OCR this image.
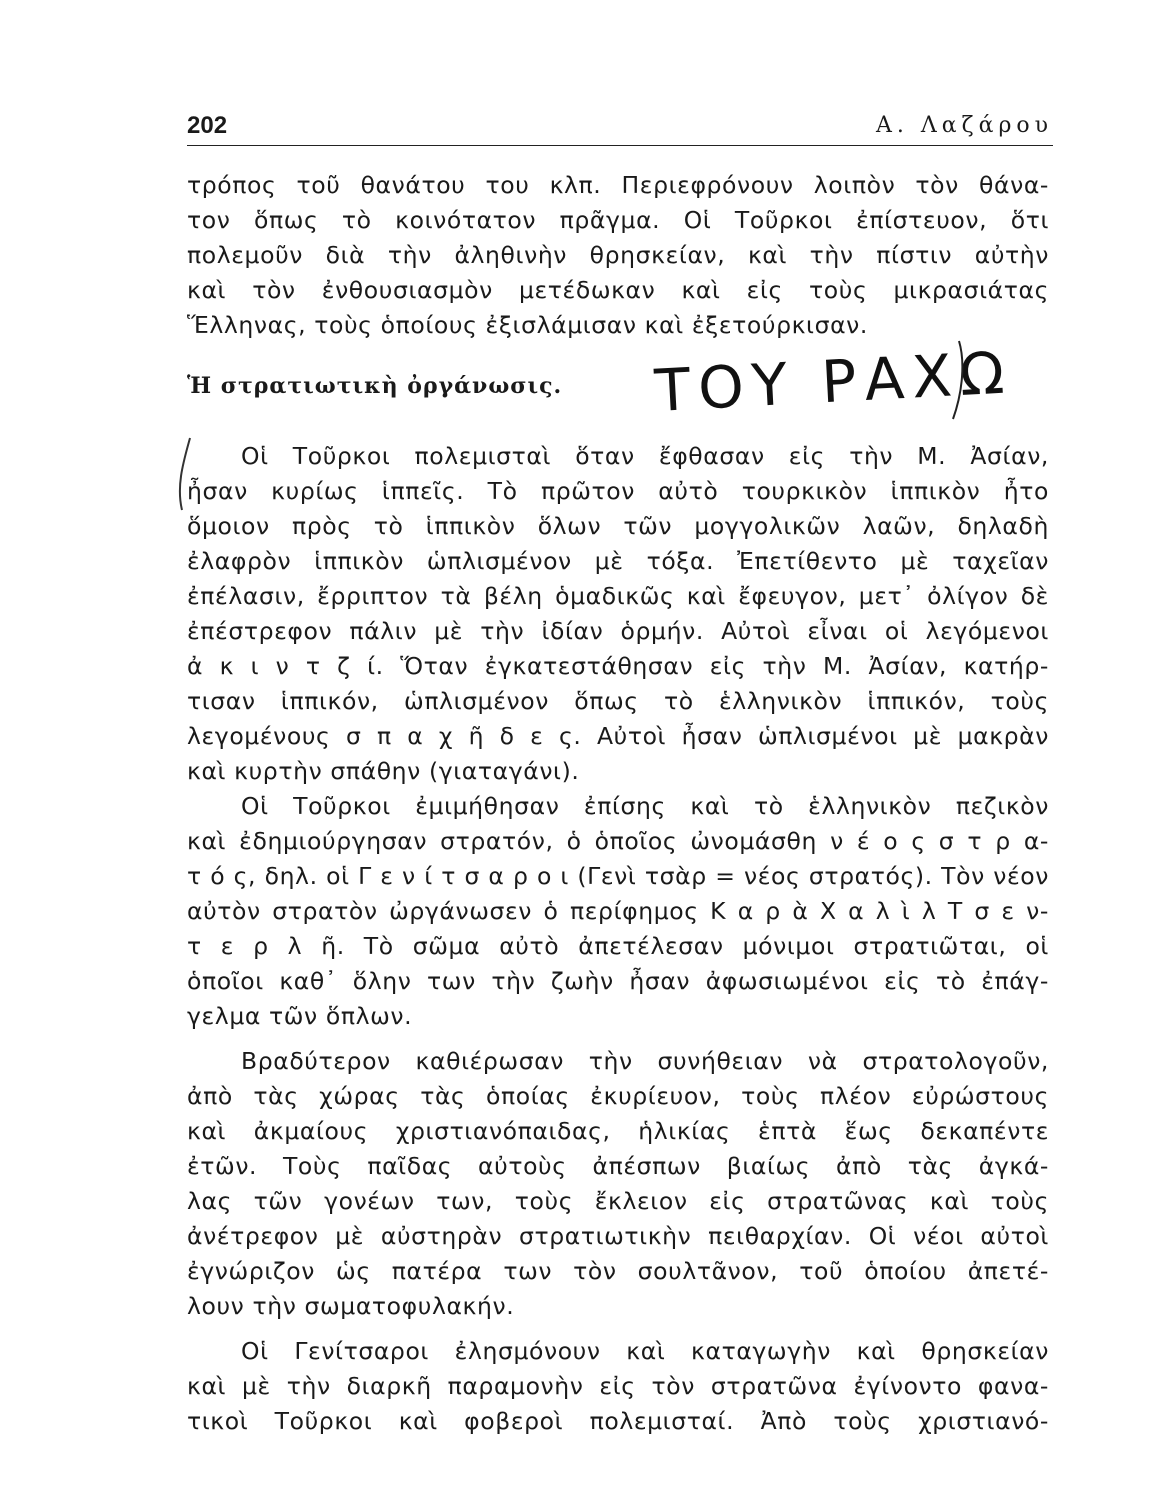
202	Α. Λαζάρου
τρόπος τοῦ θανάτου του κλπ. Περιεφρόνουν λοιπὸν τὸν θάνα-
τον ὅπως τὸ κοινότατον πρᾶγμα. Οἱ Τοῦρκοι ἐπίστευον, ὅτι
πολεμοῦν διὰ τὴν ἀληθινὴν θρησκείαν, καὶ τὴν πίστιν αὐτὴν
καὶ τὸν ἐνθουσιασμὸν μετέδωκαν καὶ εἰς τοὺς μικρασιάτας
Ἕλληνας, τοὺς ὁποίους ἐξισλάμισαν καὶ ἐξετούρκισαν.
Ἡ στρατιωτικὴ ὀργάνωσις. ΤΟΥ ΡΑΧΩ
Οἱ Τοῦρκοι πολεμισταὶ ὅταν ἔφθασαν εἰς τὴν Μ. Ἀσίαν,
ἦσαν κυρίως ἱππεῖς. Τὸ πρῶτον αὐτὸ τουρκικὸν ἱππικὸν ἦτο
ὅμοιον πρὸς τὸ ἱππικὸν ὅλων τῶν μογγολικῶν λαῶν, δηλαδὴ
ἐλαφρὸν ἱππικὸν ὡπλισμένον μὲ τόξα. Ἐπετίθεντο μὲ ταχεῖαν
ἐπέλασιν, ἔρριπτον τὰ βέλη ὁμαδικῶς καὶ ἔφευγον, μετ᾽ ὀλίγον δὲ
ἐπέστρεφον πάλιν μὲ τὴν ἰδίαν ὁρμήν. Αὐτοὶ εἶναι οἱ λεγόμενοι
ἀ κ ι ν τ ζ ί. Ὅταν ἐγκατεστάθησαν εἰς τὴν Μ. Ἀσίαν, κατήρ-
τισαν ἱππικόν, ὡπλισμένον ὅπως τὸ ἑλληνικὸν ἱππικόν, τοὺς
λεγομένους σ π α χ ῆ δ ε ς. Αὐτοὶ ἦσαν ὡπλισμένοι μὲ μακρὰν
καὶ κυρτὴν σπάθην (γιαταγάνι).
Οἱ Τοῦρκοι ἐμιμήθησαν ἐπίσης καὶ τὸ ἑλληνικὸν πεζικὸν
καὶ ἐδημιούργησαν στρατόν, ὁ ὁποῖος ὠνομάσθη ν έ ο ς σ τ ρ α-
τ ό ς, δηλ. οἱ Γ ε ν ί τ σ α ρ ο ι (Γενὶ τσὰρ = νέος στρατός). Τὸν νέον
αὐτὸν στρατὸν ὠργάνωσεν ὁ περίφημος Κ α ρ ὰ Χ α λ ὶ λ Τ σ ε ν-
τ ε ρ λ ῆ. Τὸ σῶμα αὐτὸ ἀπετέλεσαν μόνιμοι στρατιῶται, οἱ
ὁποῖοι καθ᾽ ὅλην των τὴν ζωὴν ἦσαν ἀφωσιωμένοι εἰς τὸ ἐπάγ-
γελμα τῶν ὅπλων.
Βραδύτερον καθιέρωσαν τὴν συνήθειαν νὰ στρατολογοῦν,
ἀπὸ τὰς χώρας τὰς ὁποίας ἐκυρίευον, τοὺς πλέον εὐρώστους
καὶ ἀκμαίους χριστιανόπαιδας, ἡλικίας ἑπτὰ ἕως δεκαπέντε
ἐτῶν. Τοὺς παῖδας αὐτοὺς ἀπέσπων βιαίως ἀπὸ τὰς ἀγκά-
λας τῶν γονέων των, τοὺς ἔκλειον εἰς στρατῶνας καὶ τοὺς
ἀνέτρεφον μὲ αὐστηρὰν στρατιωτικὴν πειθαρχίαν. Οἱ νέοι αὐτοὶ
ἐγνώριζον ὡς πατέρα των τὸν σουλτᾶνον, τοῦ ὁποίου ἀπετέ-
λουν τὴν σωματοφυλακήν.
Οἱ Γενίτσαροι ἐλησμόνουν καὶ καταγωγὴν καὶ θρησκείαν
καὶ μὲ τὴν διαρκῆ παραμονὴν εἰς τὸν στρατῶνα ἐγίνοντο φανα-
τικοὶ Τοῦρκοι καὶ φοβεροὶ πολεμισταί. Ἀπὸ τοὺς χριστιανό-
